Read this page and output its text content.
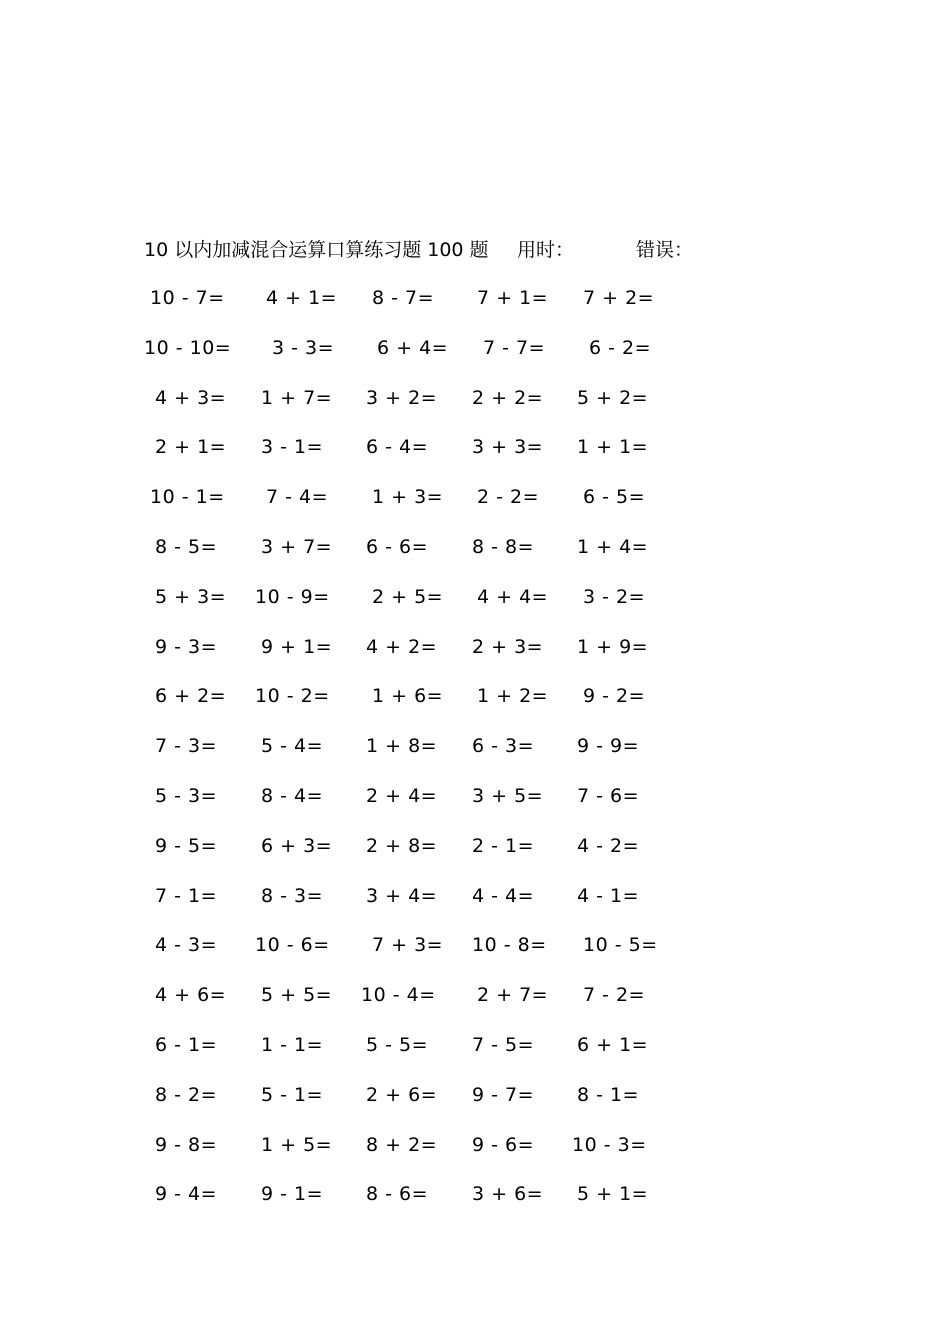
10 以内加减混合运算口算练习题 100 题 用时：	错误：
10 - 7= 4 + 1= 8 - 7= 7 + 1= 7 + 2=
10 - 10= 3 - 3= 6 + 4= 7 - 7= 6 - 2=
4 + 3= 1 + 7= 3 + 2= 2 + 2= 5 + 2=
2 + 1= 3 - 1= 6 - 4= 3 + 3= 1 + 1=
10 - 1= 7 - 4= 1 + 3= 2 - 2= 6 - 5=
8 - 5= 3 + 7= 6 - 6= 8 - 8= 1 + 4=
5 + 3= 10 - 9= 2 + 5= 4 + 4= 3 - 2=
9 - 3= 9 + 1= 4 + 2= 2 + 3= 1 + 9=
6 + 2= 10 - 2= 1 + 6= 1 + 2= 9 - 2=
7 - 3= 5 - 4= 1 + 8= 6 - 3= 9 - 9=
5 - 3= 8 - 4= 2 + 4= 3 + 5= 7 - 6=
9 - 5= 6 + 3= 2 + 8= 2 - 1= 4 - 2=
7 - 1= 8 - 3= 3 + 4= 4 - 4= 4 - 1=
4 - 3= 10 - 6= 7 + 3= 10 - 8= 10 - 5=
4 + 6= 5 + 5= 10 - 4= 2 + 7= 7 - 2=
6 - 1= 1 - 1= 5 - 5= 7 - 5= 6 + 1=
8 - 2= 5 - 1= 2 + 6= 9 - 7= 8 - 1=
9 - 8= 1 + 5= 8 + 2= 9 - 6= 10 - 3=
9 - 4= 9 - 1= 8 - 6= 3 + 6= 5 + 1=
